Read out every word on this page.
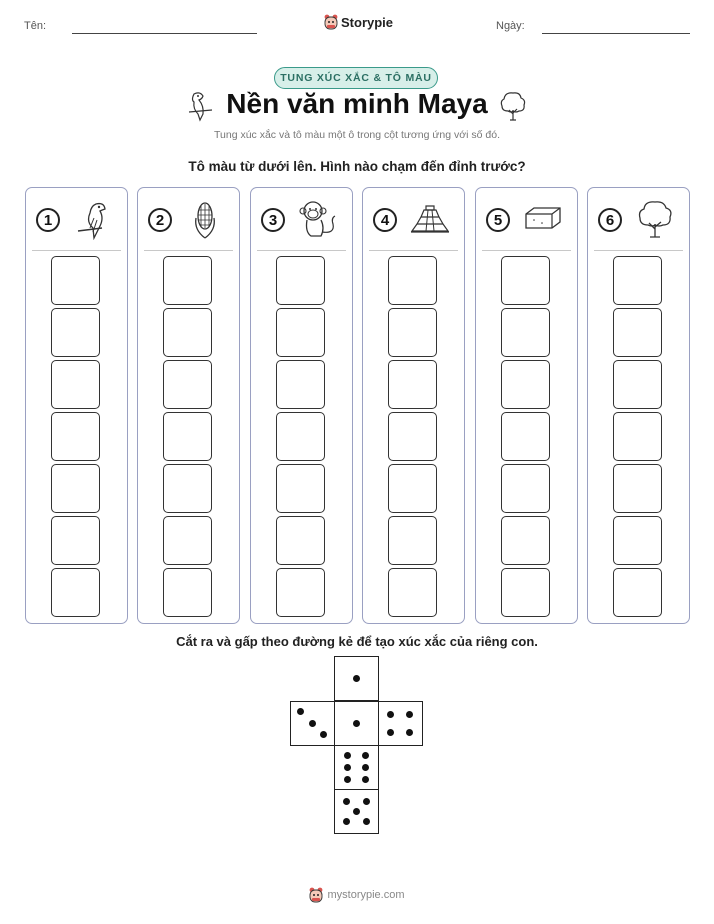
Tên:	Storypie	Ngày:
TUNG XÚC XẮC & TÔ MÀU
Nền văn minh Maya
Tung xúc xắc và tô màu một ô trong cột tương ứng với số đó.
Tô màu từ dưới lên. Hình nào chạm đến đỉnh trước?
1	2	3	4	5	6
Cắt ra và gấp theo đường kẻ để tạo xúc xắc của riêng con.
mystorypie.com
